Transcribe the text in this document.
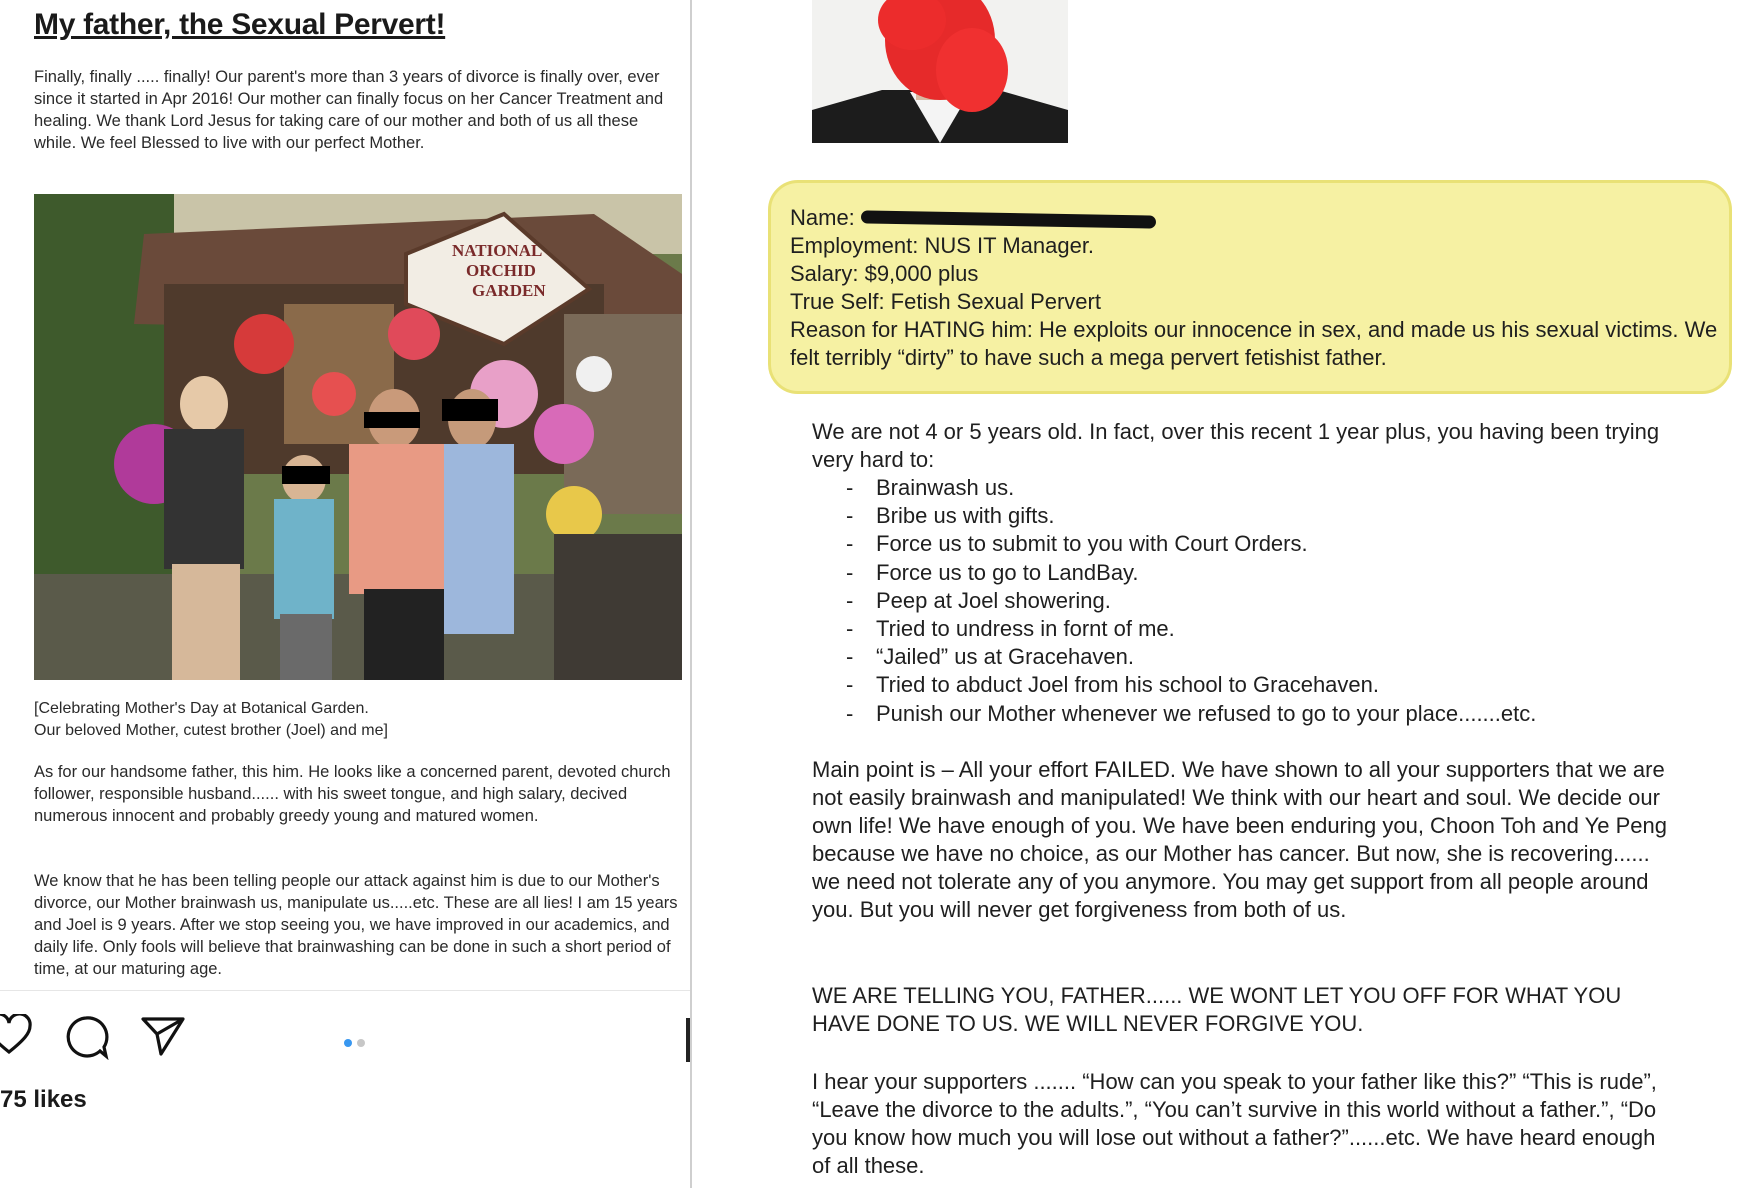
My father, the Sexual Pervert!
Finally, finally ..... finally! Our parent's more than 3 years of divorce is finally over, ever since it started in Apr 2016! Our mother can finally focus on her Cancer Treatment and healing. We thank Lord Jesus for taking care of our mother and both of us all these while. We feel Blessed to live with our perfect Mother.
NATIONAL
ORCHID
GARDEN
[Celebrating Mother's Day at Botanical Garden.
Our beloved Mother, cutest brother (Joel) and me]
As for our handsome father, this him. He looks like a concerned parent, devoted church follower, responsible husband...... with his sweet tongue, and high salary, decived numerous innocent and probably greedy young and matured women.
We know that he has been telling people our attack against him is due to our Mother's divorce, our Mother brainwash us, manipulate us.....etc. These are all lies! I am 15 years and Joel is 9 years. After we stop seeing you, we have improved in our academics, and daily life. Only fools will believe that brainwashing can be done in such a short period of time, at our maturing age.
75 likes
Name:
Employment: NUS IT Manager.
Salary: $9,000 plus
True Self: Fetish Sexual Pervert
Reason for HATING him: He exploits our innocence in sex, and made us his sexual victims. We felt terribly “dirty” to have such a mega pervert fetishist father.
We are not 4 or 5 years old. In fact, over this recent 1 year plus, you having been trying very hard to:
- Brainwash us.
- Bribe us with gifts.
- Force us to submit to you with Court Orders.
- Force us to go to LandBay.
- Peep at Joel showering.
- Tried to undress in fornt of me.
- “Jailed” us at Gracehaven.
- Tried to abduct Joel from his school to Gracehaven.
- Punish our Mother whenever we refused to go to your place.......etc.
Main point is – All your effort FAILED. We have shown to all your supporters that we are not easily brainwash and manipulated! We think with our heart and soul. We decide our own life! We have enough of you. We have been enduring you, Choon Toh and Ye Peng because we have no choice, as our Mother has cancer. But now, she is recovering...... we need not tolerate any of you anymore. You may get support from all people around you. But you will never get forgiveness from both of us.
WE ARE TELLING YOU, FATHER...... WE WONT LET YOU OFF FOR WHAT YOU HAVE DONE TO US. WE WILL NEVER FORGIVE YOU.
I hear your supporters ....... “How can you speak to your father like this?” “This is rude”, “Leave the divorce to the adults.”, “You can’t survive in this world without a father.”, “Do you know how much you will lose out without a father?”......etc. We have heard enough of all these.
